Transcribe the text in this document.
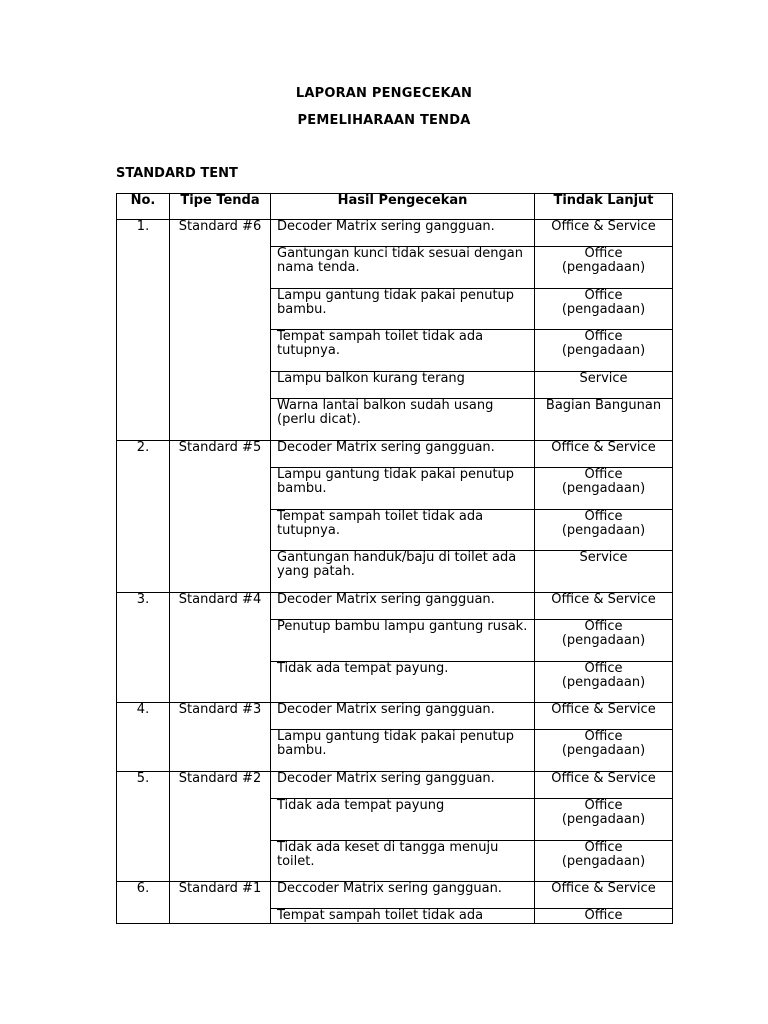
LAPORAN PENGECEKAN
PEMELIHARAAN TENDA
STANDARD TENT
No.	Tipe Tenda	Hasil Pengecekan	Tindak Lanjut
1.	Standard #6	Decoder Matrix sering gangguan.	Office & Service
		Gantungan kunci tidak sesuai dengan nama tenda.	Office (pengadaan)
		Lampu gantung tidak pakai penutup bambu.	Office (pengadaan)
		Tempat sampah toilet tidak ada tutupnya.	Office (pengadaan)
		Lampu balkon kurang terang	Service
		Warna lantai balkon sudah usang (perlu dicat).	Bagian Bangunan
2.	Standard #5	Decoder Matrix sering gangguan.	Office & Service
		Lampu gantung tidak pakai penutup bambu.	Office (pengadaan)
		Tempat sampah toilet tidak ada tutupnya.	Office (pengadaan)
		Gantungan handuk/baju di toilet ada yang patah.	Service
3.	Standard #4	Decoder Matrix sering gangguan.	Office & Service
		Penutup bambu lampu gantung rusak.	Office (pengadaan)
		Tidak ada tempat payung.	Office (pengadaan)
4.	Standard #3	Decoder Matrix sering gangguan.	Office & Service
		Lampu gantung tidak pakai penutup bambu.	Office (pengadaan)
5.	Standard #2	Decoder Matrix sering gangguan.	Office & Service
		Tidak ada tempat payung	Office (pengadaan)
		Tidak ada keset di tangga menuju toilet.	Office (pengadaan)
6.	Standard #1	Deccoder Matrix sering gangguan.	Office & Service

		Tempat sampah toilet tidak ada	Office
